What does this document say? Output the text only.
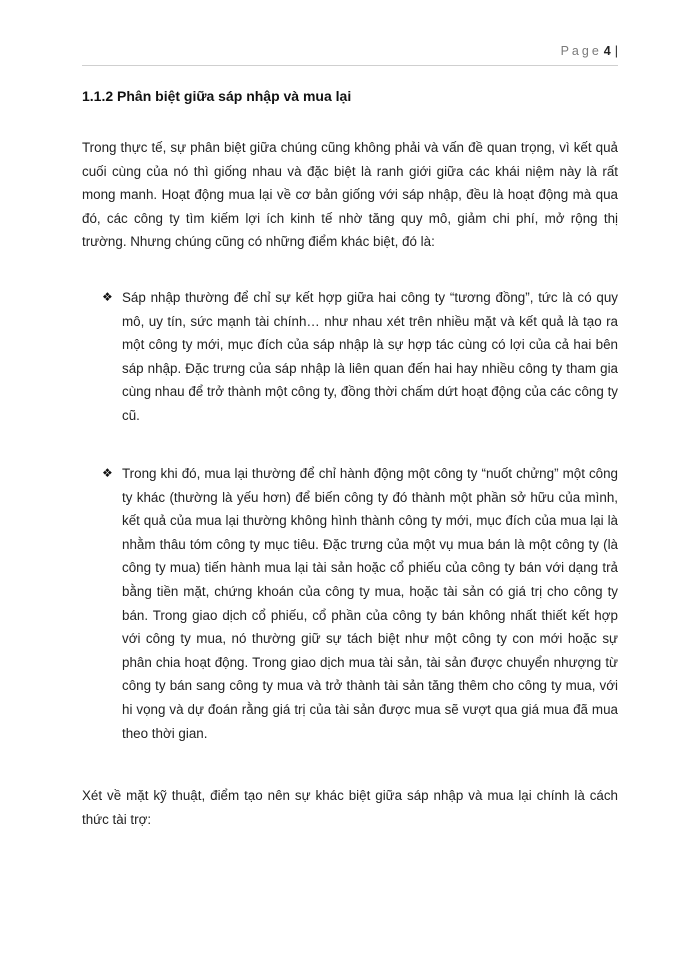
Page 4 |
1.1.2 Phân biệt giữa sáp nhập và mua lại
Trong thực tế, sự phân biệt giữa chúng cũng không phải và vấn đề quan trọng, vì kết quả cuối cùng của nó thì giống nhau và đặc biệt là ranh giới giữa các khái niệm này là rất mong manh. Hoạt động mua lại về cơ bản giống với sáp nhập, đều là hoạt động mà qua đó, các công ty tìm kiếm lợi ích kinh tế nhờ tăng quy mô, giảm chi phí, mở rộng thị trường. Nhưng chúng cũng có những điểm khác biệt, đó là:
❖ Sáp nhập thường để chỉ sự kết hợp giữa hai công ty “tương đồng”, tức là có quy mô, uy tín, sức mạnh tài chính… như nhau xét trên nhiều mặt và kết quả là tạo ra một công ty mới, mục đích của sáp nhập là sự hợp tác cùng có lợi của cả hai bên sáp nhập. Đặc trưng của sáp nhập là liên quan đến hai hay nhiều công ty tham gia cùng nhau để trở thành một công ty, đồng thời chấm dứt hoạt động của các công ty cũ.
❖ Trong khi đó, mua lại thường để chỉ hành động một công ty “nuốt chửng” một công ty khác (thường là yếu hơn) để biến công ty đó thành một phần sở hữu của mình, kết quả của mua lại thường không hình thành công ty mới, mục đích của mua lại là nhằm thâu tóm công ty mục tiêu. Đặc trưng của một vụ mua bán là một công ty (là công ty mua) tiến hành mua lại tài sản hoặc cổ phiếu của công ty bán với dạng trả bằng tiền mặt, chứng khoán của công ty mua, hoặc tài sản có giá trị cho công ty bán. Trong giao dịch cổ phiếu, cổ phần của công ty bán không nhất thiết kết hợp với công ty mua, nó thường giữ sự tách biệt như một công ty con mới hoặc sự phân chia hoạt động. Trong giao dịch mua tài sản, tài sản được chuyển nhượng từ công ty bán sang công ty mua và trở thành tài sản tăng thêm cho công ty mua, với hi vọng và dự đoán rằng giá trị của tài sản được mua sẽ vượt qua giá mua đã mua theo thời gian.
Xét về mặt kỹ thuật, điểm tạo nên sự khác biệt giữa sáp nhập và mua lại chính là cách thức tài trợ:
